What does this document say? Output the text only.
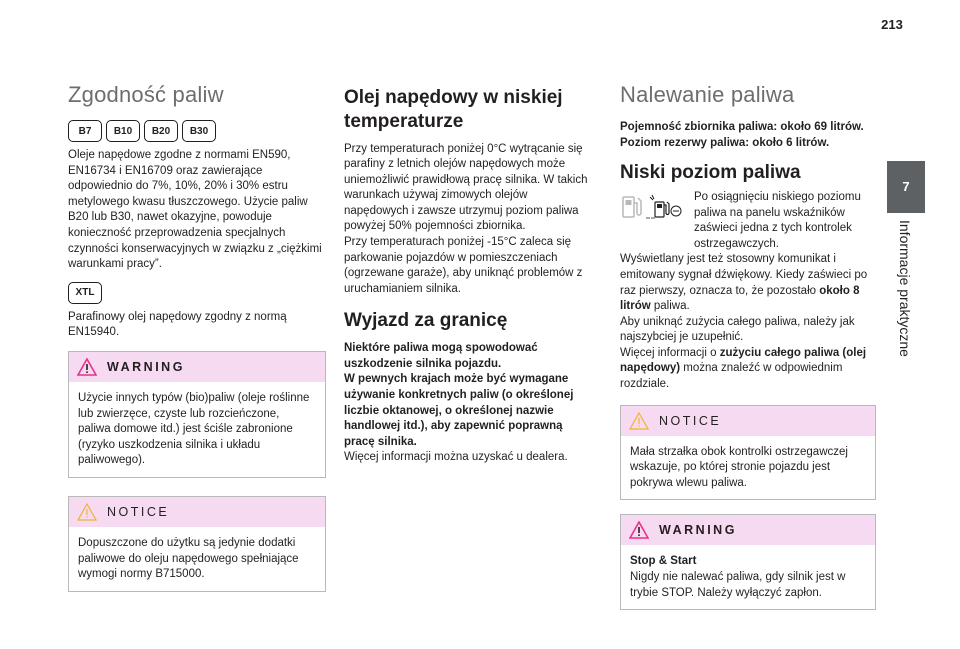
213
7
Informacje praktyczne
Zgodność paliw
B7	B10	B20	B30

Oleje napędowe zgodne z normami EN590, EN16734 i EN16709 oraz zawierające odpowiednio do 7%, 10%, 20% i 30% estru metylowego kwasu tłuszczowego. Użycie paliw B20 lub B30, nawet okazyjne, powoduje konieczność przeprowadzenia specjalnych czynności konserwacyjnych w związku z „ciężkimi warunkami pracy”.

XTL

Parafinowy olej napędowy zgodny z normą EN15940.

WARNING

Użycie innych typów (bio)paliw (oleje roślinne lub zwierzęce, czyste lub rozcieńczone, paliwa domowe itd.) jest ściśle zabronione (ryzyko uszkodzenia silnika i układu paliwowego).

NOTICE

Dopuszczone do użytku są jedynie dodatki paliwowe do oleju napędowego spełniające wymogi normy B715000.

Olej napędowy w niskiej temperaturze

Przy temperaturach poniżej 0°C wytrącanie się parafiny z letnich olejów napędowych może uniemożliwić prawidłową pracę silnika. W takich warunkach używaj zimowych olejów napędowych i zawsze utrzymuj poziom paliwa powyżej 50% pojemności zbiornika.

Przy temperaturach poniżej -15°C zaleca się parkowanie pojazdów w pomieszczeniach (ogrzewane garaże), aby uniknąć problemów z uruchamianiem silnika.

Wyjazd za granicę

Niektóre paliwa mogą spowodować uszkodzenie silnika pojazdu.

W pewnych krajach może być wymagane używanie konkretnych paliw (o określonej liczbie oktanowej, o określonej nazwie handlowej itd.), aby zapewnić poprawną pracę silnika.

Więcej informacji można uzyskać u dealera.

Nalewanie paliwa

Pojemność zbiornika paliwa: około 69 litrów.

Poziom rezerwy paliwa: około 6 litrów.

Niski poziom paliwa

Po osiągnięciu niskiego poziomu paliwa na panelu wskaźników zaświeci jedna z tych kontrolek ostrzegawczych.

Wyświetlany jest też stosowny komunikat i emitowany sygnał dźwiękowy. Kiedy zaświeci po raz pierwszy, oznacza to, że pozostało około 8 litrów paliwa.

Aby uniknąć zużycia całego paliwa, należy jak najszybciej je uzupełnić.

Więcej informacji o zużyciu całego paliwa (olej napędowy) można znaleźć w odpowiednim rozdziale.

NOTICE

Mała strzałka obok kontrolki ostrzegawczej wskazuje, po której stronie pojazdu jest pokrywa wlewu paliwa.

WARNING

Stop & Start

Nigdy nie nalewać paliwa, gdy silnik jest w trybie STOP. Należy wyłączyć zapłon.
